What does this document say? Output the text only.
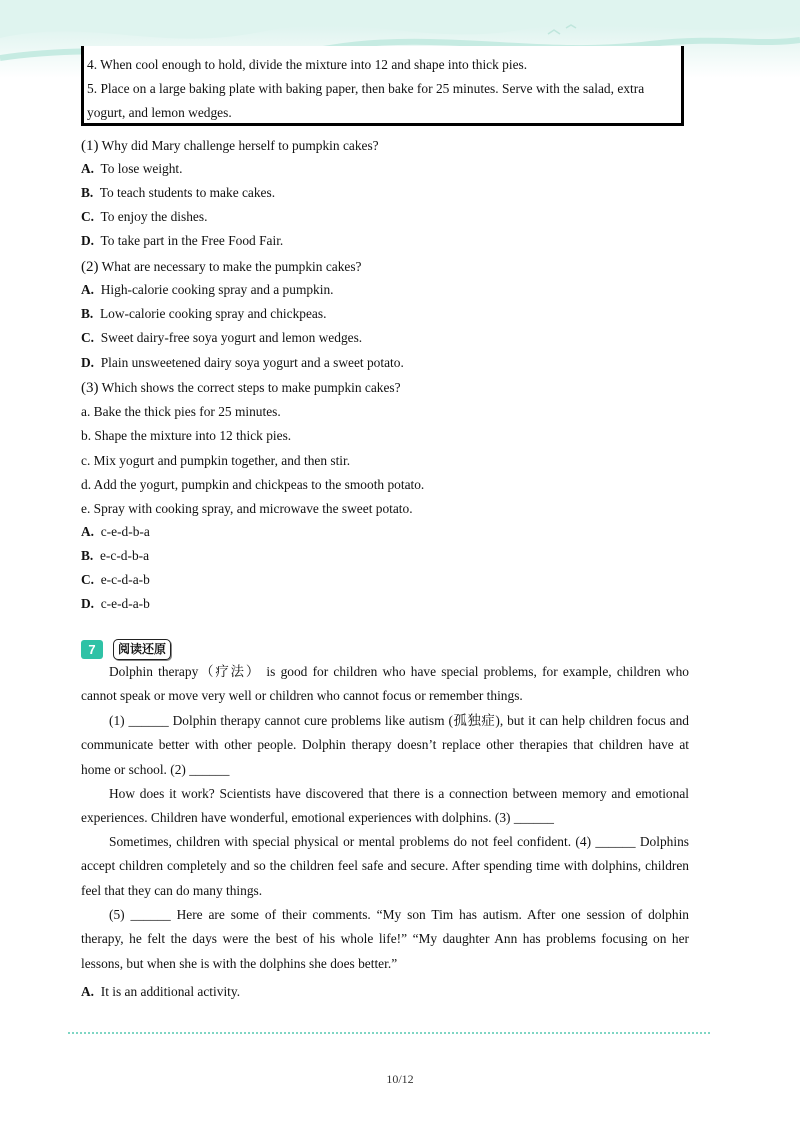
4. When cool enough to hold, divide the mixture into 12 and shape into thick pies.
5. Place on a large baking plate with baking paper, then bake for 25 minutes. Serve with the salad, extra
yogurt, and lemon wedges.
(1) Why did Mary challenge herself to pumpkin cakes?
A. To lose weight.
B. To teach students to make cakes.
C. To enjoy the dishes.
D. To take part in the Free Food Fair.
(2) What are necessary to make the pumpkin cakes?
A. High-calorie cooking spray and a pumpkin.
B. Low-calorie cooking spray and chickpeas.
C. Sweet dairy-free soya yogurt and lemon wedges.
D. Plain unsweetened dairy soya yogurt and a sweet potato.
(3) Which shows the correct steps to make pumpkin cakes?
a. Bake the thick pies for 25 minutes.
b. Shape the mixture into 12 thick pies.
c. Mix yogurt and pumpkin together, and then stir.
d. Add the yogurt, pumpkin and chickpeas to the smooth potato.
e. Spray with cooking spray, and microwave the sweet potato.
A. c-e-d-b-a
B. e-c-d-b-a
C. e-c-d-a-b
D. c-e-d-a-b
7	阅读还原
Dolphin therapy（疗法） is good for children who have special problems, for example, children who cannot speak or move very well or children who cannot focus or remember things.
(1) ______ Dolphin therapy cannot cure problems like autism (孤独症), but it can help children focus and communicate better with other people. Dolphin therapy doesn’t replace other therapies that children have at home or school. (2) ______
How does it work? Scientists have discovered that there is a connection between memory and emotional experiences. Children have wonderful, emotional experiences with dolphins. (3) ______
Sometimes, children with special physical or mental problems do not feel confident. (4) ______ Dolphins accept children completely and so the children feel safe and secure. After spending time with dolphins, children feel that they can do many things.
(5) ______ Here are some of their comments. “My son Tim has autism. After one session of dolphin therapy, he felt the days were the best of his whole life!” “My daughter Ann has problems focusing on her lessons, but when she is with the dolphins she does better.”
A. It is an additional activity.
10/12
